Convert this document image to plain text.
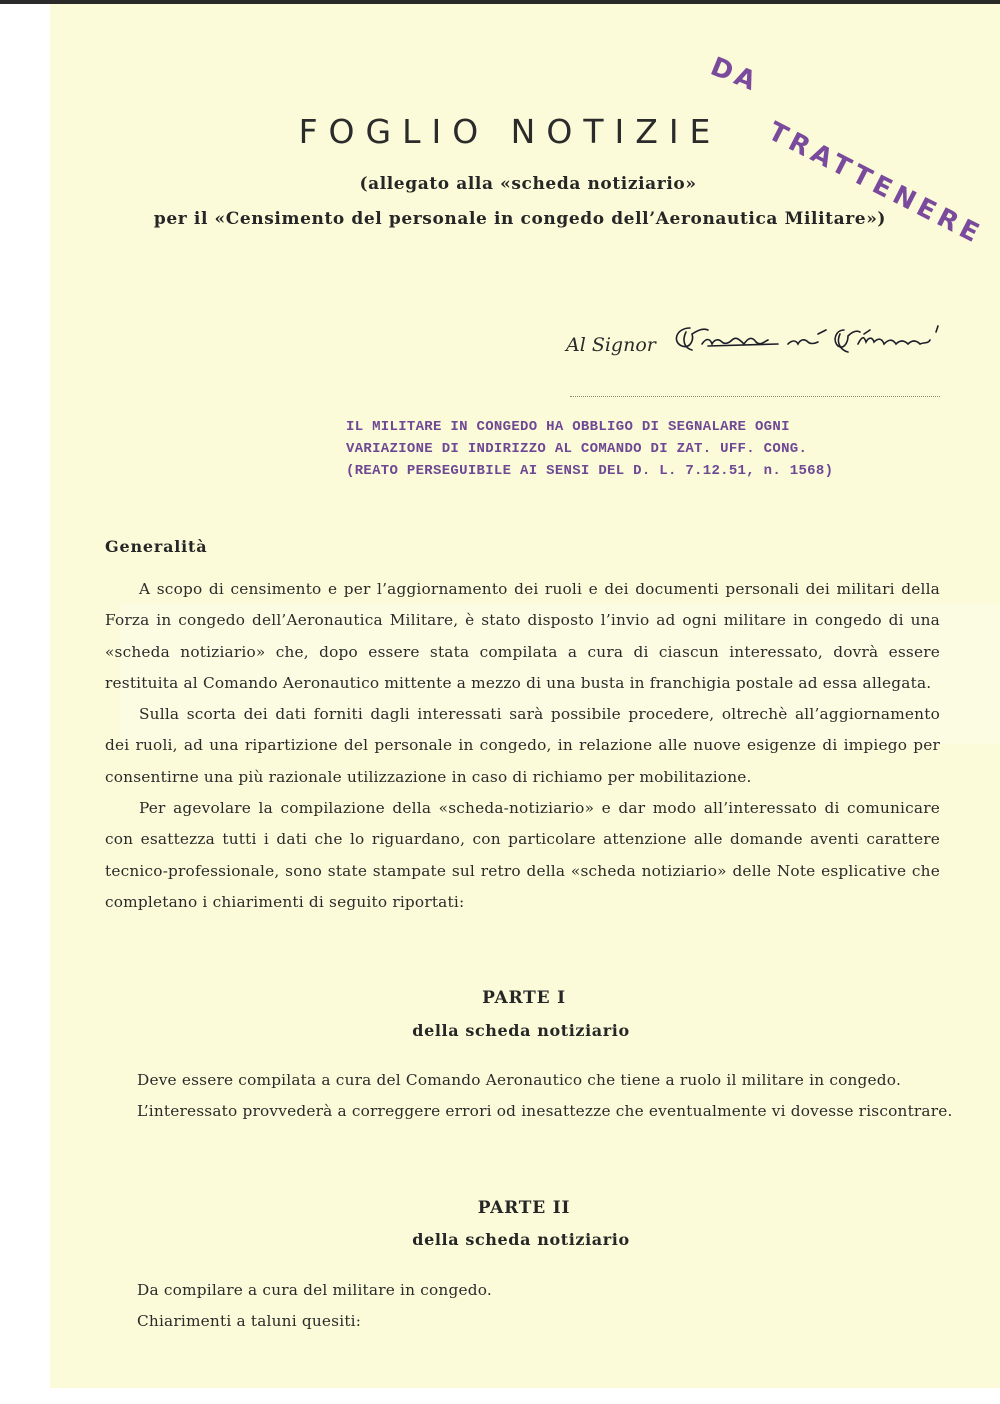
FOGLIO NOTIZIE
DA
TRATTENERE
(allegato alla «scheda notiziario»
per il «Censimento del personale in congedo dell’Aeronautica Militare»)
Al Signor
IL MILITARE IN CONGEDO HA OBBLIGO DI SEGNALARE OGNI
VARIAZIONE DI INDIRIZZO AL COMANDO DI ZAT. UFF. CONG.
(REATO PERSEGUIBILE AI SENSI DEL D. L. 7.12.51, n. 1568)
Generalità

A scopo di censimento e per l’aggiornamento dei ruoli e dei documenti personali dei militari della Forza in congedo dell’Aeronautica Militare, è stato disposto l’invio ad ogni militare in congedo di una «scheda notiziario» che, dopo essere stata compilata a cura di ciascun interessato, dovrà essere restituita al Comando Aeronautico mittente a mezzo di una busta in franchigia postale ad essa allegata.

Sulla scorta dei dati forniti dagli interessati sarà possibile procedere, oltrechè all’aggiornamento dei ruoli, ad una ripartizione del personale in congedo, in relazione alle nuove esigenze di impiego per consentirne una più razionale utilizzazione in caso di richiamo per mobilitazione.

Per agevolare la compilazione della «scheda-notiziario» e dar modo all’interessato di comunicare con esattezza tutti i dati che lo riguardano, con particolare attenzione alle domande aventi carattere tecnico-professionale, sono state stampate sul retro della «scheda notiziario» delle Note esplicative che completano i chiarimenti di seguito riportati:

PARTE I
della scheda notiziario
Deve essere compilata a cura del Comando Aeronautico che tiene a ruolo il militare in congedo.
L’interessato provvederà a correggere errori od inesattezze che eventualmente vi dovesse riscontrare.
PARTE II
della scheda notiziario
Da compilare a cura del militare in congedo.
Chiarimenti a taluni quesiti:
